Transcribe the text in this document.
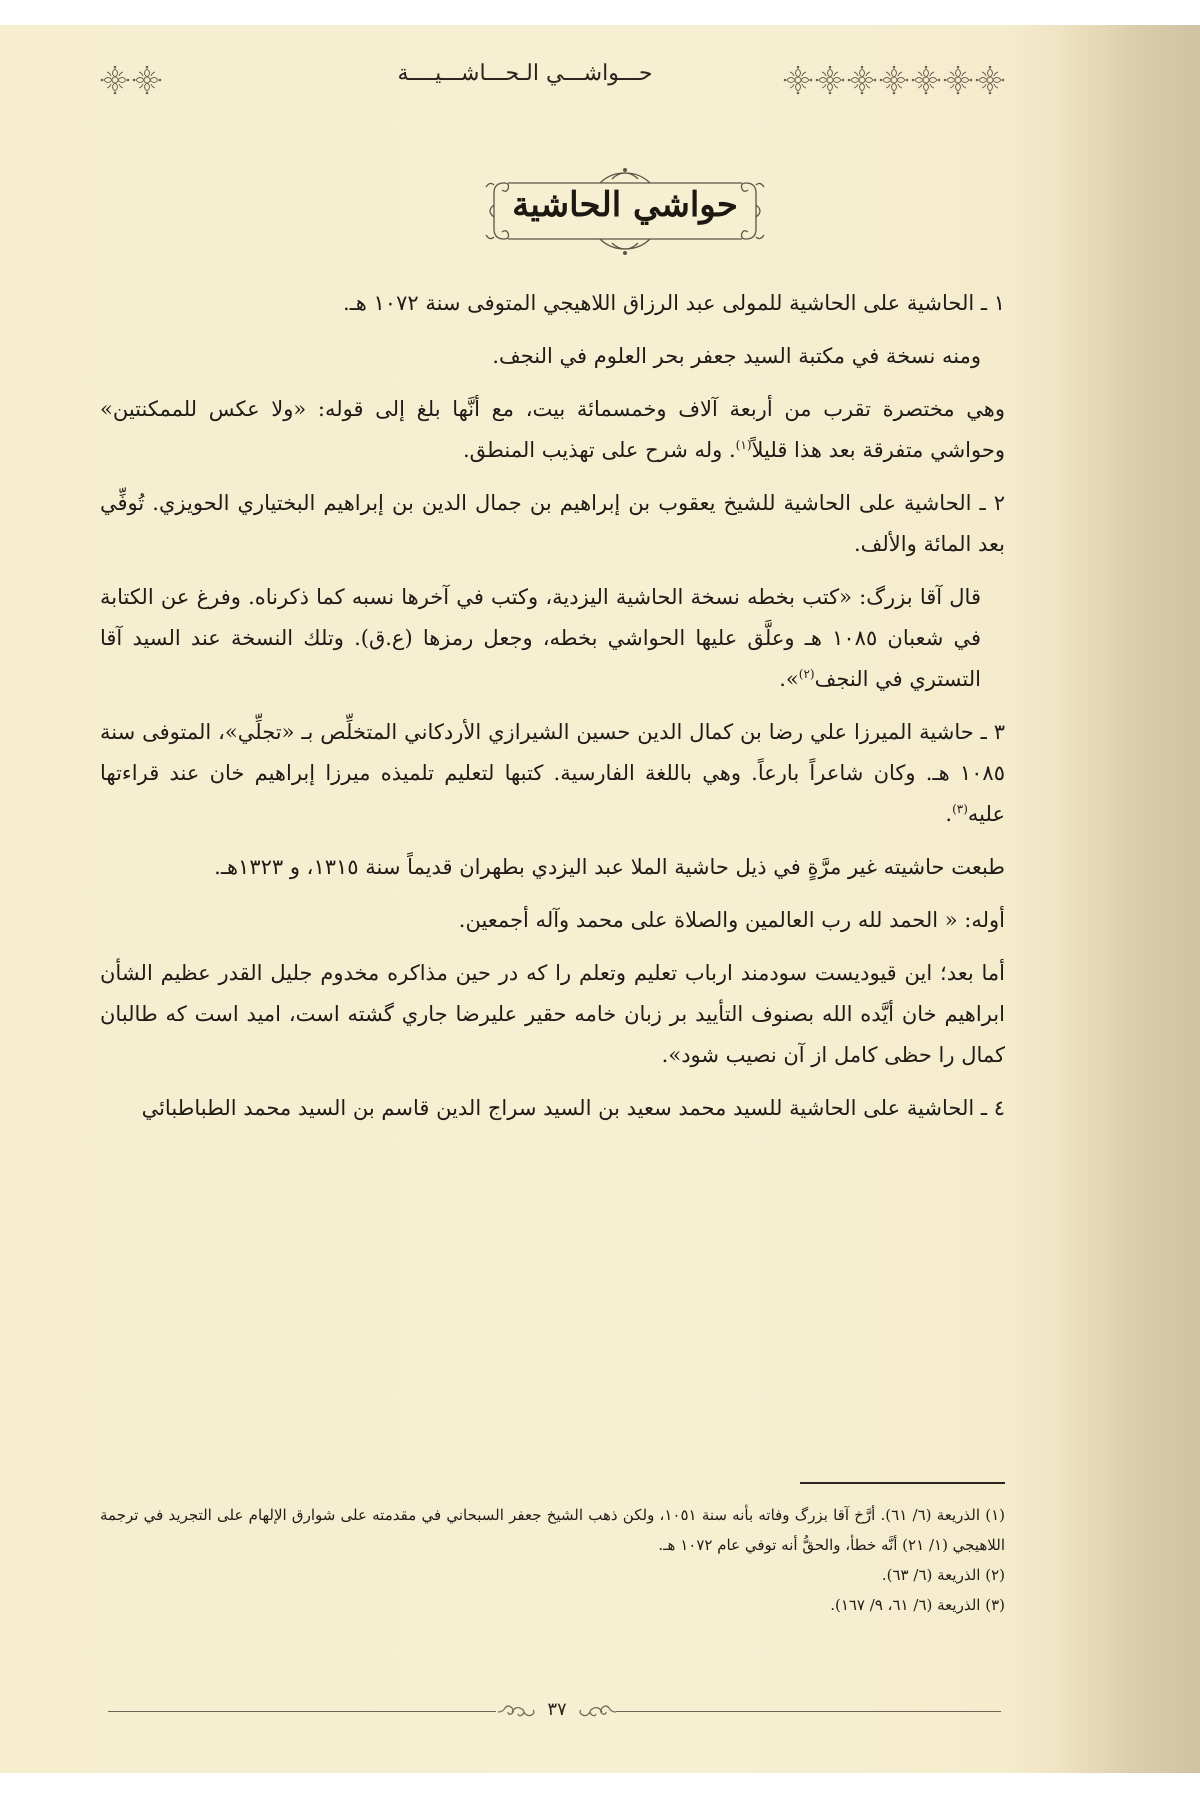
حـــواشـــي الـحـــاشـــيــــة
حواشي الحاشية

١ ـ الحاشية على الحاشية للمولى عبد الرزاق اللاهيجي المتوفى سنة ١٠٧٢ هـ.

ومنه نسخة في مكتبة السيد جعفر بحر العلوم في النجف.

وهي مختصرة تقرب من أربعة آلاف وخمسمائة بيت، مع أنَّها بلغ إلى قوله: «ولا عكس للممكنتين» وحواشي متفرقة بعد هذا قليلاً$^{(١)}$. وله شرح على تهذيب المنطق.

٢ ـ الحاشية على الحاشية للشيخ يعقوب بن إبراهيم بن جمال الدين بن إبراهيم البختياري الحويزي. تُوفِّي بعد المائة والألف.

قال آقا بزرگ: «كتب بخطه نسخة الحاشية اليزدية، وكتب في آخرها نسبه كما ذكرناه. وفرغ عن الكتابة في شعبان ١٠٨٥ هـ وعلَّق عليها الحواشي بخطه، وجعل رمزها (ع.ق). وتلك النسخة عند السيد آقا التستري في النجف$^{(٢)}$».

٣ ـ حاشية الميرزا علي رضا بن كمال الدين حسين الشيرازي الأردكاني المتخلِّص بـ «تجلِّي»، المتوفى سنة ١٠٨٥ هـ. وكان شاعراً بارعاً. وهي باللغة الفارسية. كتبها لتعليم تلميذه ميرزا إبراهيم خان عند قراءتها عليه$^{(٣)}$.

طبعت حاشيته غير مرَّةٍ في ذيل حاشية الملا عبد اليزدي بطهران قديماً سنة ١٣١٥، و ١٣٢٣هـ.

أوله: « الحمد لله رب العالمين والصلاة على محمد وآله أجمعين.

أما بعد؛ اين قيوديست سودمند ارباب تعليم وتعلم را كه در حين مذاكره مخدوم جليل القدر عظيم الشأن ابراهيم خان أيَّده الله بصنوف التأييد بر زبان خامه حقير عليرضا جاري گشته است، اميد است كه طالبان كمال را حظى كامل از آن نصيب شود».

٤ ـ الحاشية على الحاشية للسيد محمد سعيد بن السيد سراج الدين قاسم بن السيد محمد الطباطبائي

(١) الذريعة (٦/ ٦١). أرَّخ آقا بزرگ وفاته بأنه سنة ١٠٥١، ولكن ذهب الشيخ جعفر السبحاني في مقدمته على شوارق الإلهام على التجريد في ترجمة اللاهيجي (١/ ٢١) أنَّه خطأ، والحقُّ أنه توفي عام ١٠٧٢ هـ.

(٢) الذريعة (٦/ ٦٣).

(٣) الذريعة (٦/ ٦١، ٩/ ١٦٧).

٣٧
